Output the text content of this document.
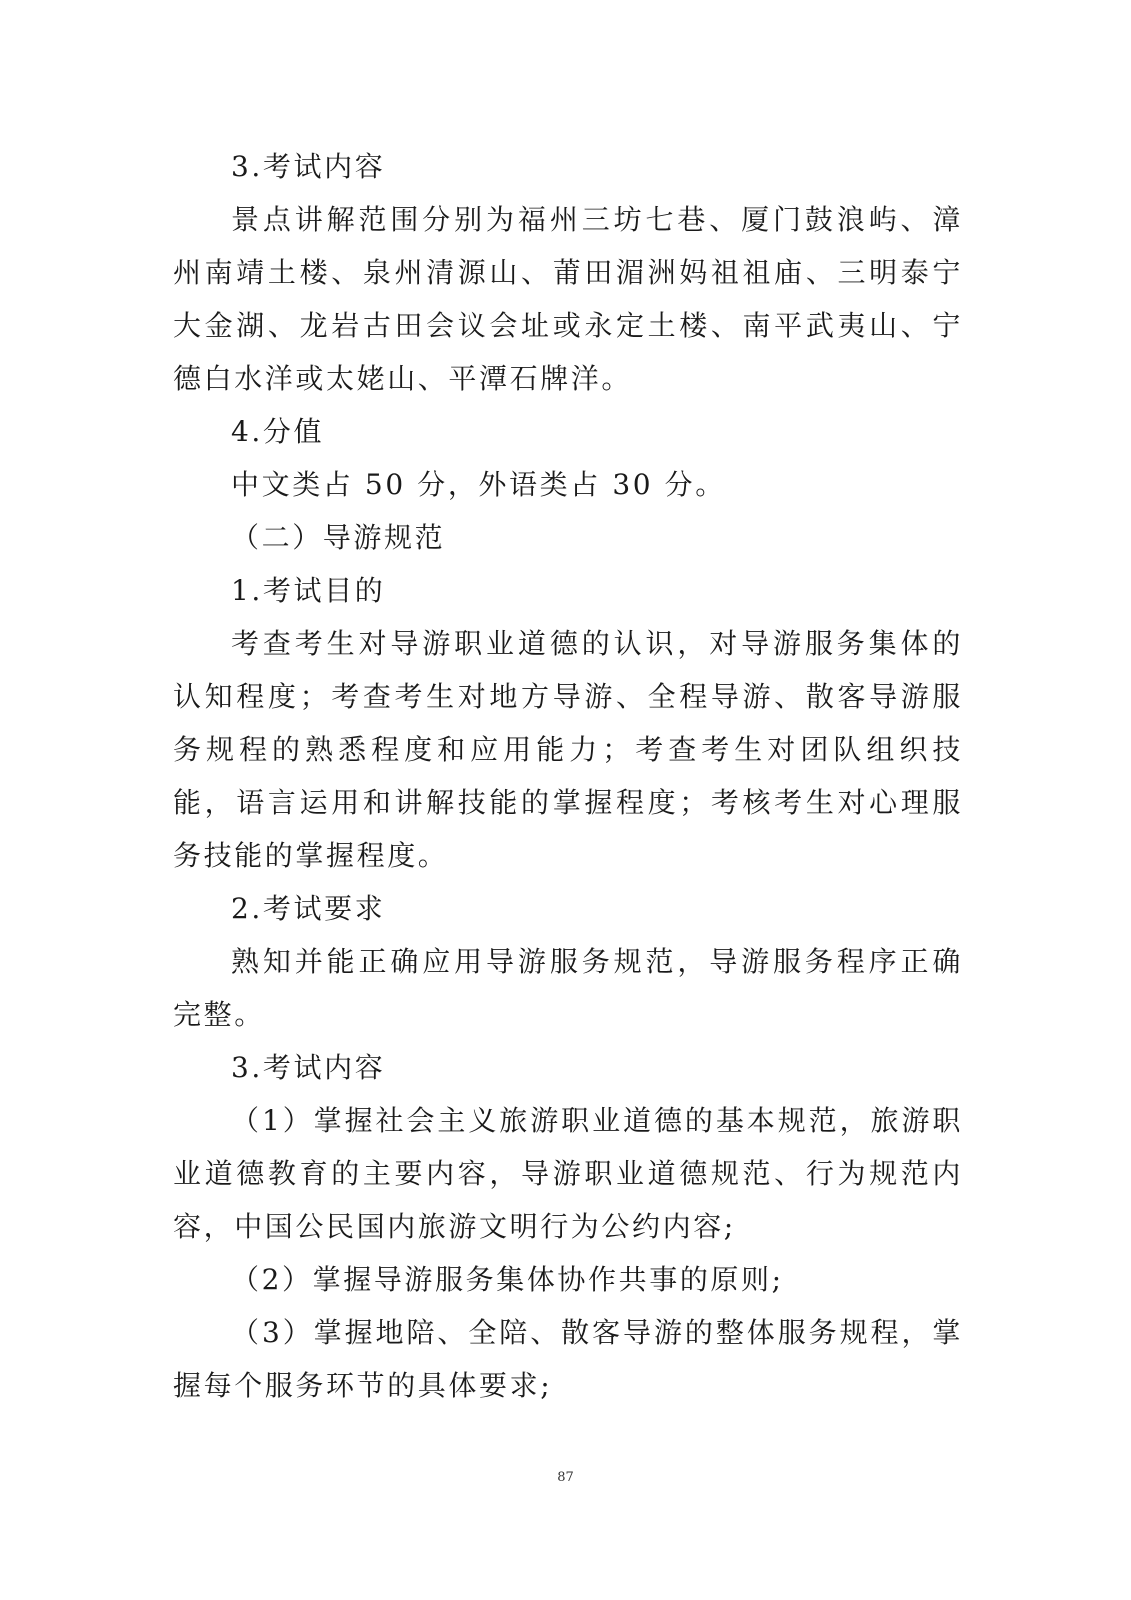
3.考试内容

景点讲解范围分别为福州三坊七巷、厦门鼓浪屿、漳州南靖土楼、泉州清源山、莆田湄洲妈祖祖庙、三明泰宁大金湖、龙岩古田会议会址或永定土楼、南平武夷山、宁德白水洋或太姥山、平潭石牌洋。

4.分值

中文类占 50 分，外语类占 30 分。

（二）导游规范

1.考试目的

考查考生对导游职业道德的认识，对导游服务集体的认知程度；考查考生对地方导游、全程导游、散客导游服务规程的熟悉程度和应用能力；考查考生对团队组织技能，语言运用和讲解技能的掌握程度；考核考生对心理服务技能的掌握程度。

2.考试要求

熟知并能正确应用导游服务规范，导游服务程序正确完整。

3.考试内容

（1）掌握社会主义旅游职业道德的基本规范，旅游职业道德教育的主要内容，导游职业道德规范、行为规范内容，中国公民国内旅游文明行为公约内容;

（2）掌握导游服务集体协作共事的原则;

（3）掌握地陪、全陪、散客导游的整体服务规程，掌握每个服务环节的具体要求;

87
